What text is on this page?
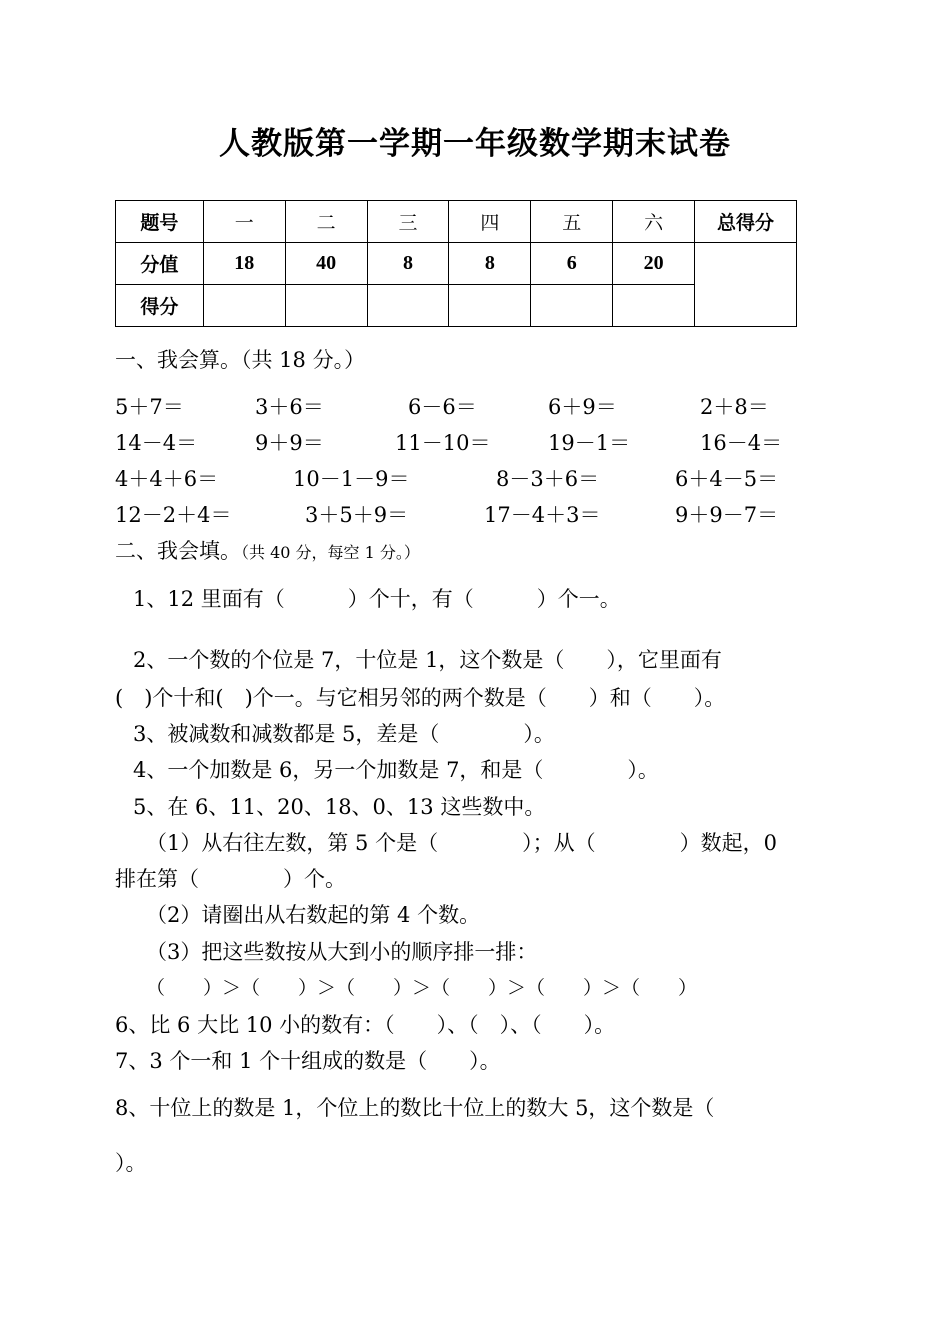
人教版第一学期一年级数学期末试卷
题号	一	二	三	四	五	六	总得分
分值	18	40	8	8	6	20	
得分							
一、我会算。（共 18 分。）
5＋7＝	3＋6＝	6－6＝	6＋9＝	2＋8＝
14－4＝	9＋9＝	11－10＝	19－1＝	16－4＝
4＋4＋6＝	10－1－9＝	8－3＋6＝	6＋4－5＝
12－2＋4＝	3＋5＋9＝	17－4＋3＝	9＋9－7＝
二、我会填。（共 40 分，每空 1 分。）
1、12 里面有（　　　）个十，有（　　　）个一。
2、一个数的个位是 7，十位是 1，这个数是（　　），它里面有
(　)个十和(　)个一。与它相另邻的两个数是（　　）和（　　）。
3、被减数和减数都是 5，差是（　　　　）。
4、一个加数是 6，另一个加数是 7，和是（　　　　）。
5、在 6、11、20、18、0、13 这些数中。
（1）从右往左数，第 5 个是（　　　　）；从（　　　　）数起，0
排在第（　　　　）个。
（2）请圈出从右数起的第 4 个数。
（3）把这些数按从大到小的顺序排一排：
（　　）＞（　　）＞（　　）＞（　　）＞（　　）＞（　　）
6、比 6 大比 10 小的数有：（　　）、（　）、（　　）。
7、3 个一和 1 个十组成的数是（　　）。
8、十位上的数是 1，个位上的数比十位上的数大 5，这个数是（
）。
